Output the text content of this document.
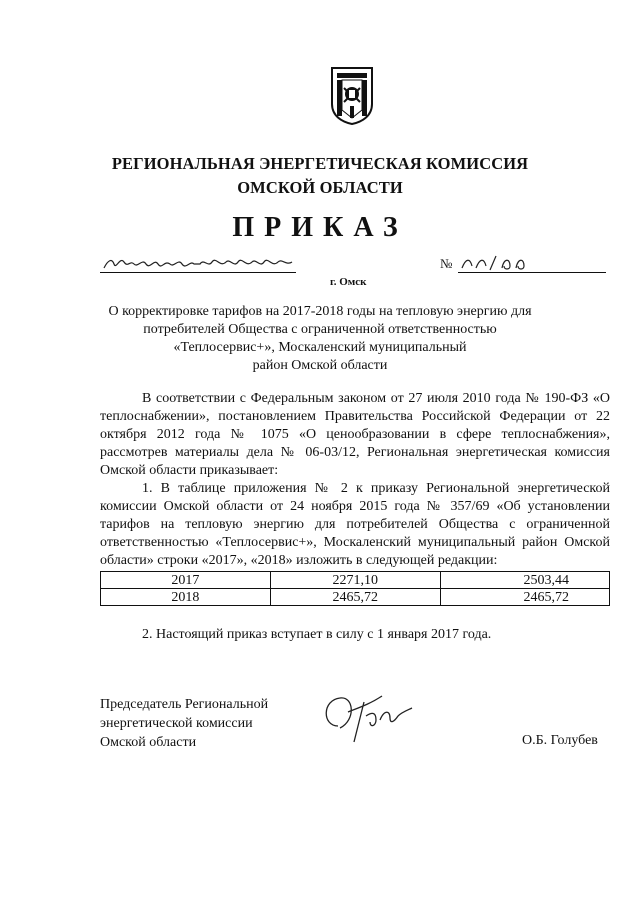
РЕГИОНАЛЬНАЯ ЭНЕРГЕТИЧЕСКАЯ КОМИССИЯ
ОМСКОЙ ОБЛАСТИ
ПРИКАЗ
г. Омск
№
О корректировке тарифов на 2017-2018 годы на тепловую энергию для
потребителей Общества с ограниченной ответственностью
«Теплосервис+», Москаленский муниципальный
район Омской области
В соответствии с Федеральным законом от 27 июля 2010 года № 190-ФЗ «О теплоснабжении», постановлением Правительства Российской Федерации от 22 октября 2012 года № 1075 «О ценообразовании в сфере теплоснабжения», рассмотрев материалы дела № 06-03/12, Региональная энергетическая комиссия Омской области приказывает:
1. В таблице приложения № 2 к приказу Региональной энергетической комиссии Омской области от 24 ноября 2015 года № 357/69 «Об установлении тарифов на тепловую энергию для потребителей Общества с ограниченной ответственностью «Теплосервис+», Москаленский муниципальный район Омской области» строки «2017», «2018» изложить в следующей редакции:
2017	2271,10	2503,44
2018	2465,72	2465,72
2. Настоящий приказ вступает в силу с 1 января 2017 года.
Председатель Региональной
энергетической комиссии
Омской области	О.Б. Голубев
